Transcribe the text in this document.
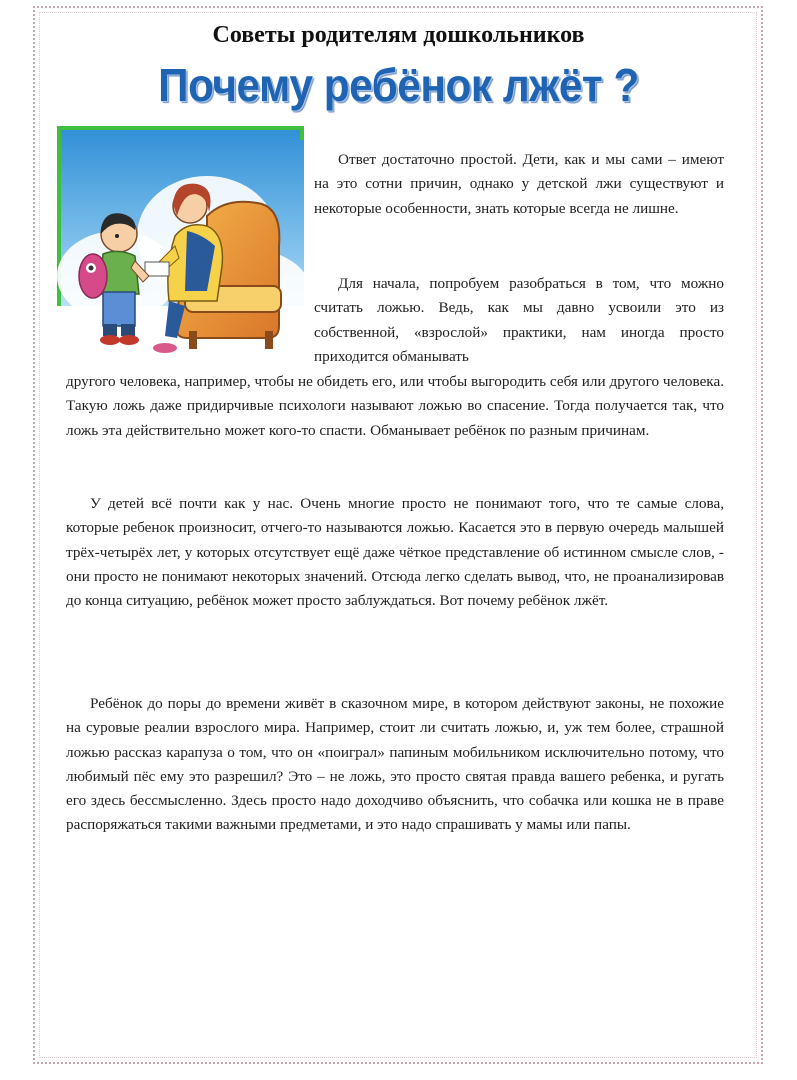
Советы родителям дошкольников
Почему ребёнок лжёт ?

Ответ достаточно простой. Дети, как и мы сами – имеют на это сотни причин, однако у детской лжи существуют и некоторые особенности, знать которые всегда не лишне.

Для начала, попробуем разобраться в том, что можно считать ложью. Ведь, как мы давно усвоили это из собственной, «взрослой» практики, нам иногда просто приходится обманывать

другого человека, например, чтобы не обидеть его, или чтобы выгородить себя или другого человека. Такую ложь даже придирчивые психологи называют ложью во спасение. Тогда получается так, что ложь эта действительно может кого-то спасти. Обманывает ребёнок по разным причинам.

У детей всё почти как у нас. Очень многие просто не понимают того, что те самые слова, которые ребенок произносит, отчего-то называются ложью. Касается это в первую очередь малышей трёх-четырёх лет, у которых отсутствует ещё даже чёткое представление об истинном смысле слов, - они просто не понимают некоторых значений. Отсюда легко сделать вывод, что, не проанализировав до конца ситуацию, ребёнок может просто заблуждаться. Вот почему ребёнок лжёт.

Ребёнок до поры до времени живёт в сказочном мире, в котором действуют законы, не похожие на суровые реалии взрослого мира. Например, стоит ли считать ложью, и, уж тем более, страшной ложью рассказ карапуза о том, что он «поиграл» папиным мобильником исключительно потому, что любимый пёс ему это разрешил? Это – не ложь, это просто святая правда вашего ребенка, и ругать его здесь бессмысленно. Здесь просто надо доходчиво объяснить, что собачка или кошка не в праве распоряжаться такими важными предметами, и это надо спрашивать у мамы или папы.
